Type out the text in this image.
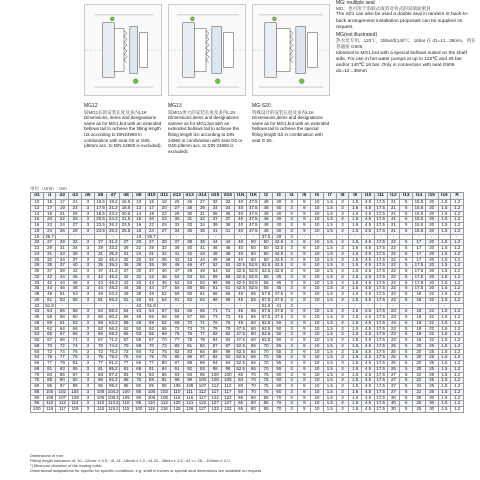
MG: multiple seal
MG：也可用于串联式或背对背式的双端面密封
The SZ1 can also be used a double seal in tandem or back-to-back arrangement installation proposals can be supplied on request.
MG(not illustrated)
热水泵专用，120℃，25bar或140℃，16bar 在 d1=12...38mm，用在普通座 G606
Identical to MG1,but with a special bellows suited on the shaft side. For use in hot water pumps at up to 120℃ and 25 bar and/or 140℃ 16 bar. Only in connection with seat G606 d1=12...38mm
MG12
较MG1长的安装长度及多内L1K
Dimensions, items and designations same as for MG1,but with an extended bellows tail to achieve the fitting length l1k according to DIN24960 in combination with seat G6 or G60. (d6mm acc. to DIN 24960 is excluded).
MG13
较MG1更大的安装长度及多内L1N
Dimensions,items and designations samme as for MG1,but with an extended bellows tail to achieve the fitting length l1n according to DIN 24960 in combination with seat G6 or G60.(d6mm acc. to DIN 24960 is excluded).
MG-S20
特殊设计的安装长度及多内L1K
Dimensions,items and designations same as for MG1,but with an extended bellows tail to achieve the special fitting length l1k in combination with seat G 50.
单位（Unit）: mm
d1	d	d2	d3	d5	d6	d7	d8	d9	d10	d11	d12	d13	d14	d15	d16	l1N	l1K	l2	l3	l4	l5	l6	l7	l8	l9	l10	l11	l12	l13	l14	l15	l16	R
10	15	17	21	3	15.5	19.2	16.5	10	15	18	25	26	27	32	32	40	47.5	48	40	3	9	10	1.5	3	1.5	4.5	17.5	21	5	15.5	20	1.5	1.2
12	17	19	23	3	17.5	21.2	18.5	12	17	20	27	28	29	34	34	40	47.5	48	40	3	9	10	1.5	3	1.5	4.5	17.5	21	5	15.5	20	1.5	1.2
14	19	21	25	3	19.5	23.2	20.5	14	19	22	29	30	31	36	36	40	47.5	48	40	3	9	10	1.5	3	1.5	4.5	17.5	21	5	15.5	20	1.5	1.2
15	20	22	26	3	20.5	24.2	21.5	15	20	23	30	31	32	37	37	40	47.5	48	40	3	9	10	1.5	3	1.5	4.5	17.5	21	5	15.5	20	1.5	1.2
16	22	24	27	3	22.5	26.2	23.5	16	22	25	32	33	34	39	39	40	47.5	48	40	3	9	10	1.5	3	1.5	4.5	17.5	21	5	15.5	20	1.5	1.2
18	24	26	29	3	24.5	28.2	25.5	18	24	27	34	35	36	41	41	40	47.5	48	40	3	9	10	1.5	3	1.5	4.5	17.5	21	5	15.5	20	1.5	1.2
19	26.7	-	-	-	-	-	-	19	26.7	-	-	-	-	-	-	-	-	37.5	28	3	-	-	-	-	-	-	-	-	-	-	-	-	-
20	27	29	32	3	27	31.2	27	20	27	30	37	38	39	44	44	40	50	50	42.5	3	9	10	1.5	3	1.5	4.5	17.5	22	5	17	20	1.5	1.2
22	29	31	34	3	29	33.2	29	22	29	32	39	40	41	46	46	40	50	50	42.5	3	9	10	1.5	3	1.5	4.5	17.5	22	5	17	20	1.5	1.2
24	31	33	36	3	31	35.2	31	24	31	34	41	42	43	48	48	40	50	50	42.5	3	9	10	1.5	3	1.5	4.5	17.5	22	5	17	20	1.5	1.2
25	32	34	37	3	32	36.2	32	25	32	35	42	43	44	49	49	40	50	50	42.5	3	9	10	1.5	3	1.5	4.5	17.5	22	5	17	20	1.5	1.2
28	35	37	40	3	35	39.2	35	28	35	38	45	46	47	52	52	42.5	52.5	52.5	42.5	3	9	10	1.5	3	1.5	4.5	17.5	22	5	17.5	20	1.5	1.2
30	37	39	42	3	37	41.2	37	30	37	40	47	48	49	54	54	42.5	52.5	52.5	42.5	3	9	10	1.5	3	1.5	4.5	17.5	22	5	17.5	20	1.5	1.2
32	42	44	46	3	42	46.2	42	32	42	45	52	53	54	59	59	42.5	52.5	55	45	3	9	10	1.5	3	1.5	4.5	17.5	22	5	17.5	20	1.5	1.2
33	42	44	46	3	42	46.2	42	33	42	45	52	53	54	59	59	42.5	52.5	55	45	3	9	10	1.5	3	1.5	4.5	17.5	22	5	17.5	20	1.5	1.2
35	44	46	48	3	44	48.2	44	35	44	47	54	55	56	61	61	42.5	52.5	55	45	3	9	10	1.5	3	1.5	4.5	17.5	22	5	17.5	20	1.5	1.2
38	49	51	53	3	49	53.2	49	38	49	52	59	60	61	66	66	45	55	57.5	47.5	3	9	10	1.5	3	1.5	4.5	17.5	23	5	18	22	1.5	1.2
40	51	53	55	3	51	55.2	51	40	51	54	61	62	63	68	68	45	55	57.5	47.5	3	9	10	1.5	3	1.5	4.5	17.5	23	5	18	22	1.5	1.2
42	51.8	-	-	-	-	-	-	42	51.8	-	-	-	-	-	-	-	-	51.6	41	3	-	-	-	-	-	-	-	-	-	-	-	-	-
43	54	56	58	3	54	58.2	54	43	54	57	64	65	66	71	71	45	55	57.5	47.5	3	9	10	1.5	3	1.5	4.5	17.5	23	5	18	22	1.5	1.2
45	56	58	60	3	56	60.2	56	45	56	59	66	67	68	73	73	45	55	57.5	47.5	3	9	10	1.5	3	1.5	4.5	17.5	23	5	18	22	1.5	1.2
48	59	61	63	3	59	63.2	59	48	59	62	69	70	71	76	76	45	60	62.5	50	3	9	10	1.5	3	1.5	4.5	17.5	23	5	18	22	1.5	1.2
50	62	64	66	3	62	66.2	62	50	62	65	72	73	74	79	79	47.5	60	62.5	50	3	9	10	1.5	3	1.5	4.5	17.5	23	5	18	22	1.5	1.2
53	65	67	69	3	65	69.2	65	53	65	68	75	76	77	82	82	47.5	60	62.5	50	3	9	10	1.5	3	1.5	4.5	17.5	23	5	18	22	1.5	1.2
55	67	69	71	3	67	71.2	67	55	67	70	77	78	79	84	84	47.5	60	62.5	50	3	9	10	1.5	3	1.5	4.5	17.5	23	5	18	22	1.5	1.2
58	70	72	74	3	70	74.2	70	58	70	73	80	81	82	87	87	52.5	65	70	55	3	9	10	1.5	3	1.5	4.5	17.5	25	5	20	25	1.5	1.2
60	72	74	76	3	72	76.2	72	60	72	75	82	83	84	89	89	52.5	65	70	55	3	9	10	1.5	3	1.5	4.5	17.5	25	5	20	25	1.5	1.2
63	75	77	79	3	75	79.2	75	63	75	78	85	86	87	92	92	52.5	65	70	55	3	9	10	1.5	3	1.5	4.5	17.5	25	5	20	25	1.5	1.2
65	77	79	81	3	77	81.2	77	65	77	80	87	88	89	94	94	52.5	65	70	55	3	9	10	1.5	3	1.5	4.5	17.5	25	5	20	25	1.5	1.2
68	81	83	85	3	81	85.2	81	68	81	84	91	92	93	98	98	52.5	65	70	55	3	9	10	1.5	3	1.5	4.5	17.5	25	5	20	25	1.5	1.2
70	83	85	87	3	83	87.2	83	70	83	86	93	94	95	100	100	60	70	75	60	3	9	10	1.5	3	1.5	4.5	17.5	27	5	22	25	1.5	1.2
75	88	90	92	3	88	92.2	88	75	88	91	98	99	100	105	105	60	70	75	60	3	9	10	1.5	3	1.5	4.5	17.5	27	5	22	25	1.5	1.2
80	95	97	99	3	95	99.2	95	80	95	98	105	106	107	112	112	60	70	75	60	3	9	10	1.5	3	1.5	4.5	17.5	27	5	22	25	1.5	1.2
85	100	102	104	3	100	104.2	100	85	100	103	110	111	112	117	117	60	70	75	60	3	9	10	1.5	3	1.5	4.5	17.5	27	5	22	25	1.5	1.2
90	105	107	109	3	105	109.2	105	90	105	108	115	116	117	122	122	65	80	85	70	3	9	10	1.5	3	1.5	4.5	17.5	30	5	25	30	1.5	1.2
95	110	112	114	3	110	114.2	110	95	110	113	120	121	122	127	127	65	80	85	70	3	9	10	1.5	3	1.5	4.5	17.5	30	5	25	30	1.5	1.2
100	115	117	119	3	115	119.2	115	100	115	118	125	126	127	132	132	65	80	85	70	3	9	10	1.5	3	1.5	4.5	17.5	30	5	25	30	1.5	1.2
Dimensions in mm
Fitting length tolerance d1 10...12mm: ± 0.5 ; d1 14...18mm ± 1.0 ; d1 20...28mm ± 1.5 ; d1 >= 28... 100mm ± 2.0
*) Minimum diameter of the mating collar
Dimensional adaptations for specific for specific conditions, e.g. shaft in inches or special seat dimensions are available on request.
